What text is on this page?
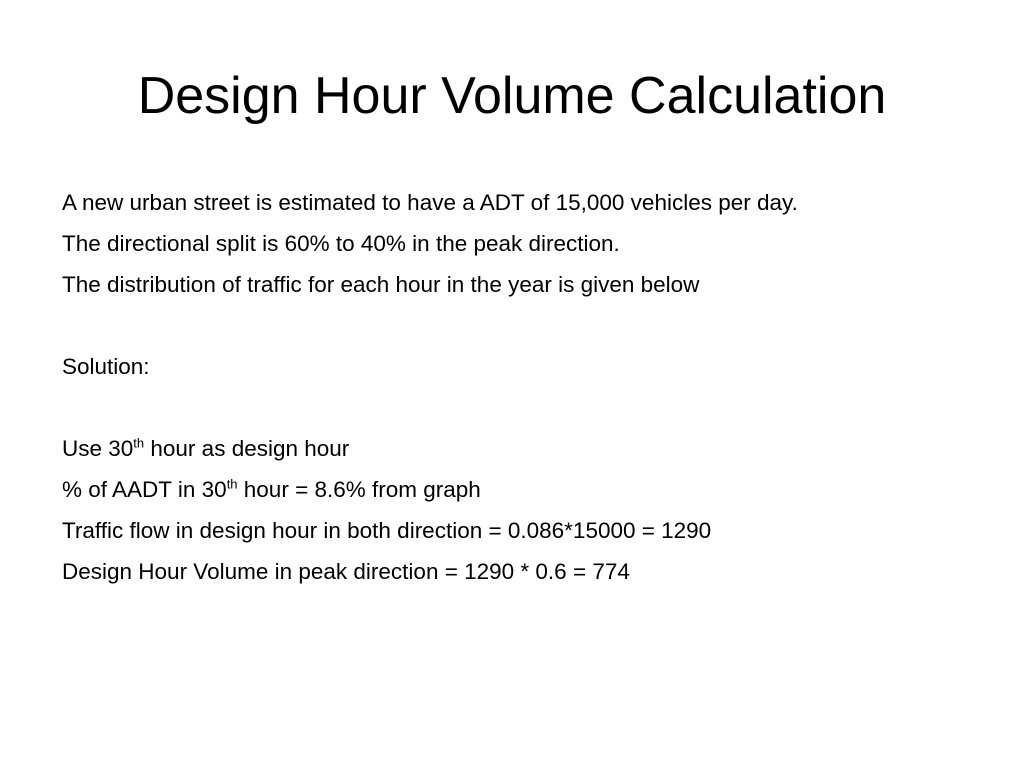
Design Hour Volume Calculation
A new urban street is estimated to have a ADT of 15,000 vehicles per day.
The directional split is 60% to 40% in the peak direction.
The distribution of traffic for each hour in the year is given below
Solution:
Use 30th hour as design hour
% of AADT in 30th hour = 8.6% from graph
Traffic flow in design hour in both direction = 0.086*15000 = 1290
Design Hour Volume in peak direction = 1290 * 0.6 = 774
